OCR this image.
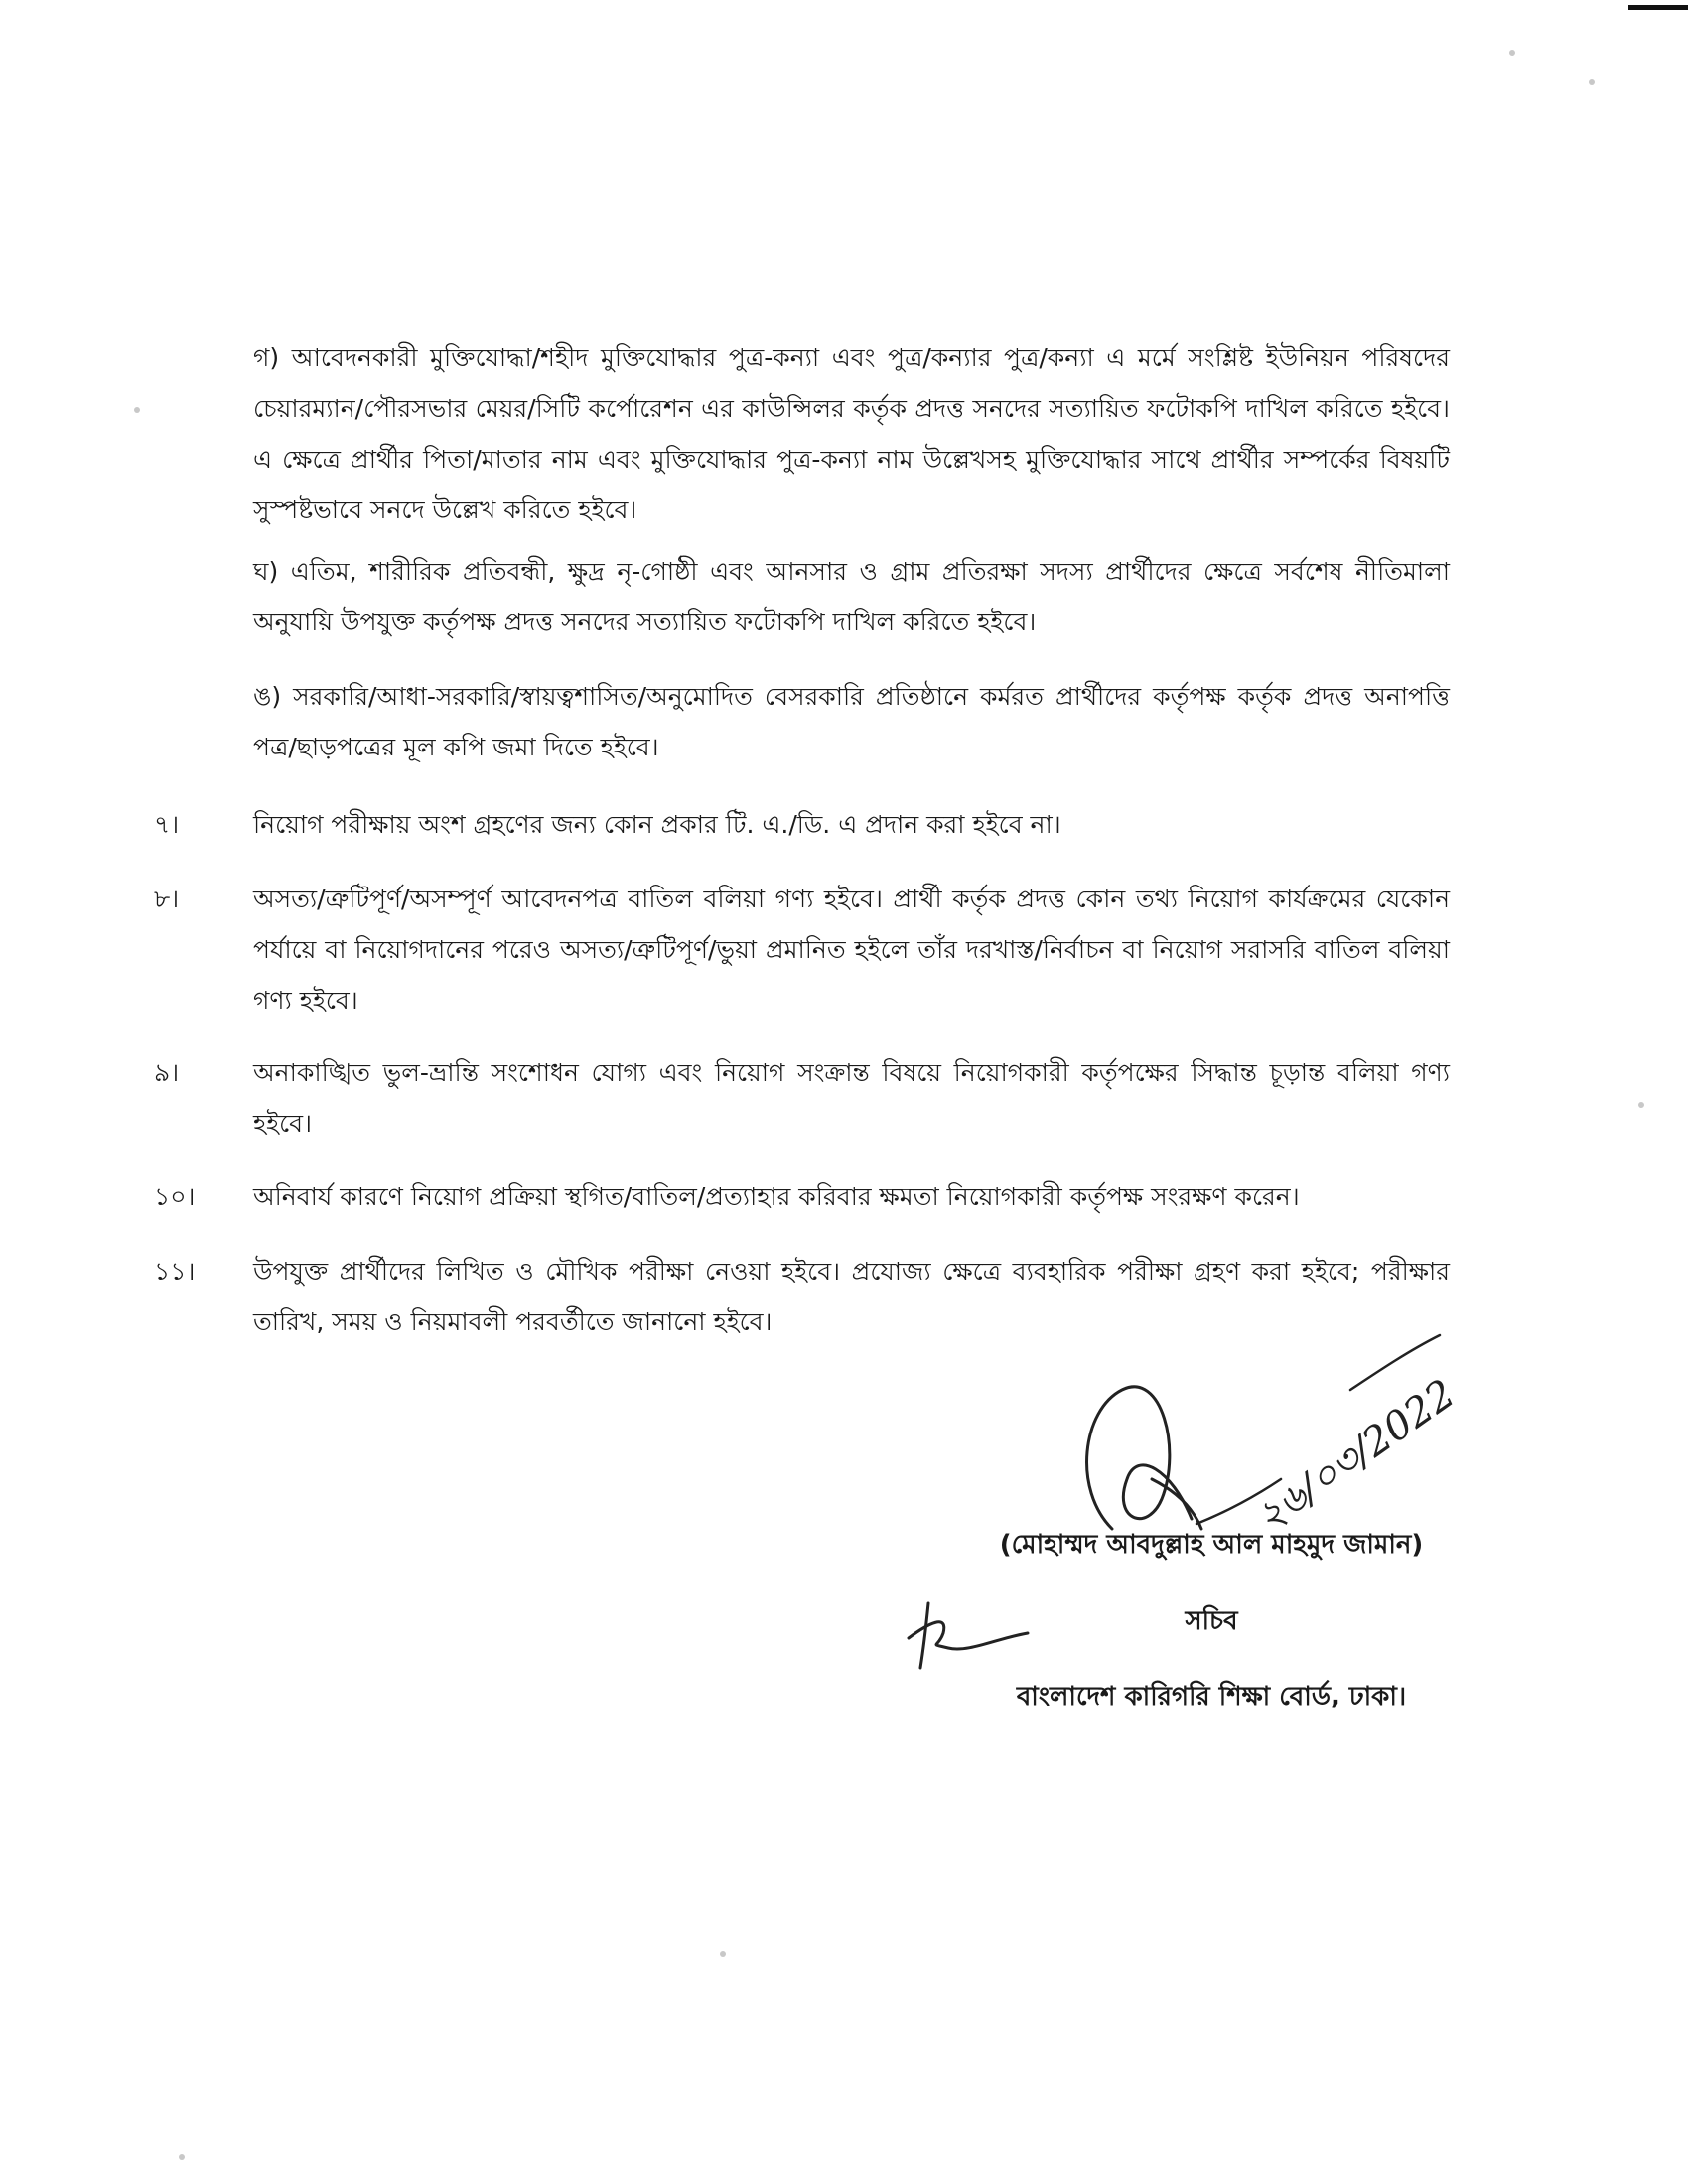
গ) আবেদনকারী মুক্তিযোদ্ধা/শহীদ মুক্তিযোদ্ধার পুত্র-কন্যা এবং পুত্র/কন্যার পুত্র/কন্যা এ মর্মে সংশ্লিষ্ট ইউনিয়ন পরিষদের চেয়ারম্যান/পৌরসভার মেয়র/সিটি কর্পোরেশন এর কাউন্সিলর কর্তৃক প্রদত্ত সনদের সত্যায়িত ফটোকপি দাখিল করিতে হইবে। এ ক্ষেত্রে প্রার্থীর পিতা/মাতার নাম এবং মুক্তিযোদ্ধার পুত্র-কন্যা নাম উল্লেখসহ মুক্তিযোদ্ধার সাথে প্রার্থীর সম্পর্কের বিষয়টি সুস্পষ্টভাবে সনদে উল্লেখ করিতে হইবে।

ঘ) এতিম, শারীরিক প্রতিবন্ধী, ক্ষুদ্র নৃ-গোষ্ঠী এবং আনসার ও গ্রাম প্রতিরক্ষা সদস্য প্রার্থীদের ক্ষেত্রে সর্বশেষ নীতিমালা অনুযায়ি উপযুক্ত কর্তৃপক্ষ প্রদত্ত সনদের সত্যায়িত ফটোকপি দাখিল করিতে হইবে।

ঙ) সরকারি/আধা-সরকারি/স্বায়ত্বশাসিত/অনুমোদিত বেসরকারি প্রতিষ্ঠানে কর্মরত প্রার্থীদের কর্তৃপক্ষ কর্তৃক প্রদত্ত অনাপত্তি পত্র/ছাড়পত্রের মূল কপি জমা দিতে হইবে।

৭।	নিয়োগ পরীক্ষায় অংশ গ্রহণের জন্য কোন প্রকার টি. এ./ডি. এ প্রদান করা হইবে না।
৮।	অসত্য/ত্রুটিপূর্ণ/অসম্পূর্ণ আবেদনপত্র বাতিল বলিয়া গণ্য হইবে। প্রার্থী কর্তৃক প্রদত্ত কোন তথ্য নিয়োগ কার্যক্রমের যেকোন পর্যায়ে বা নিয়োগদানের পরেও অসত্য/ত্রুটিপূর্ণ/ভুয়া প্রমানিত হইলে তাঁর দরখাস্ত/নির্বাচন বা নিয়োগ সরাসরি বাতিল বলিয়া গণ্য হইবে।
৯।	অনাকাঙ্খিত ভুল-ভ্রান্তি সংশোধন যোগ্য এবং নিয়োগ সংক্রান্ত বিষয়ে নিয়োগকারী কর্তৃপক্ষের সিদ্ধান্ত চূড়ান্ত বলিয়া গণ্য হইবে।
১০।	অনিবার্য কারণে নিয়োগ প্রক্রিয়া স্থগিত/বাতিল/প্রত্যাহার করিবার ক্ষমতা নিয়োগকারী কর্তৃপক্ষ সংরক্ষণ করেন।
১১।	উপযুক্ত প্রার্থীদের লিখিত ও মৌখিক পরীক্ষা নেওয়া হইবে। প্রযোজ্য ক্ষেত্রে ব্যবহারিক পরীক্ষা গ্রহণ করা হইবে; পরীক্ষার তারিখ, সময় ও নিয়মাবলী পরবর্তীতে জানানো হইবে।
২৬/০৩/2022
(মোহাম্মদ আবদুল্লাহ আল মাহমুদ জামান)
সচিব
বাংলাদেশ কারিগরি শিক্ষা বোর্ড, ঢাকা।
